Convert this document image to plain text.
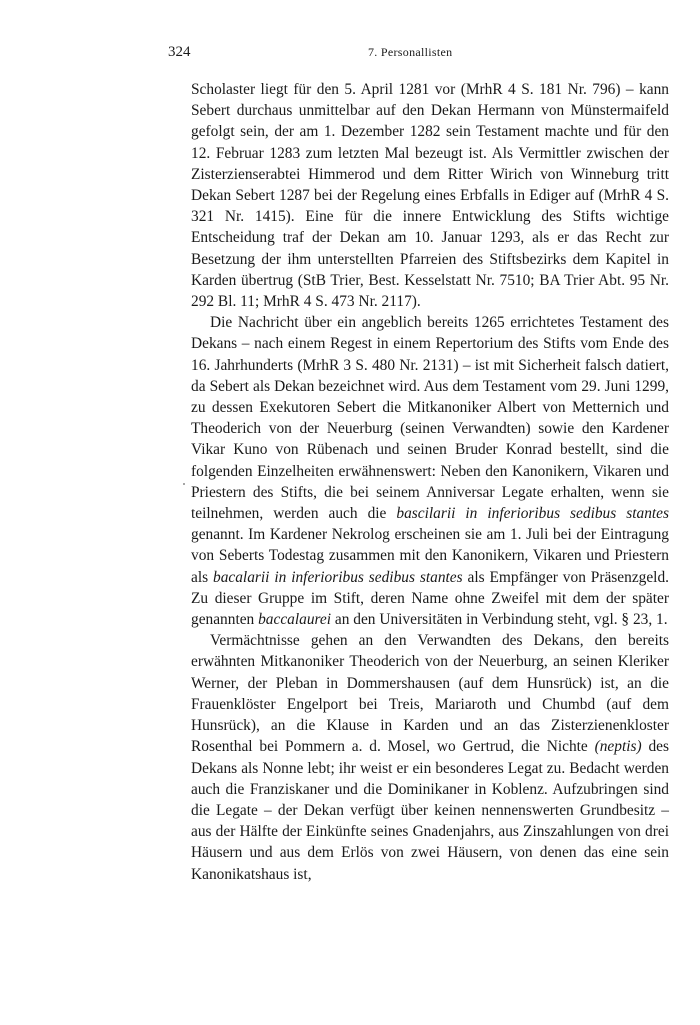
324	7. Personallisten

Scholaster liegt für den 5. April 1281 vor (MrhR 4 S. 181 Nr. 796) – kann Sebert durchaus unmittelbar auf den Dekan Hermann von Münstermaifeld gefolgt sein, der am 1. Dezember 1282 sein Testament machte und für den 12. Februar 1283 zum letzten Mal bezeugt ist. Als Vermittler zwischen der Zisterzienserabtei Himmerod und dem Ritter Wirich von Winneburg tritt Dekan Sebert 1287 bei der Regelung eines Erbfalls in Ediger auf (MrhR 4 S. 321 Nr. 1415). Eine für die innere Entwicklung des Stifts wichtige Entscheidung traf der Dekan am 10. Januar 1293, als er das Recht zur Besetzung der ihm unterstellten Pfarreien des Stiftsbezirks dem Kapitel in Karden übertrug (StB Trier, Best. Kesselstatt Nr. 7510; BA Trier Abt. 95 Nr. 292 Bl. 11; MrhR 4 S. 473 Nr. 2117).

Die Nachricht über ein angeblich bereits 1265 errichtetes Testament des Dekans – nach einem Regest in einem Repertorium des Stifts vom Ende des 16. Jahrhunderts (MrhR 3 S. 480 Nr. 2131) – ist mit Sicherheit falsch datiert, da Sebert als Dekan bezeichnet wird. Aus dem Testament vom 29. Juni 1299, zu dessen Exekutoren Sebert die Mitkanoniker Albert von Metternich und Theoderich von der Neuerburg (seinen Verwandten) sowie den Kardener Vikar Kuno von Rübenach und seinen Bruder Konrad bestellt, sind die folgenden Einzelheiten erwähnenswert: Neben den Kanonikern, Vikaren und Priestern des Stifts, die bei seinem Anniversar Legate erhalten, wenn sie teilnehmen, werden auch die bascilarii in inferioribus sedibus stantes genannt. Im Kardener Nekrolog erscheinen sie am 1. Juli bei der Eintragung von Seberts Todestag zusammen mit den Kanonikern, Vikaren und Priestern als bacalarii in inferioribus sedibus stantes als Empfänger von Präsenzgeld. Zu dieser Gruppe im Stift, deren Name ohne Zweifel mit dem der später genannten baccalaurei an den Universitäten in Verbindung steht, vgl. § 23, 1.

Vermächtnisse gehen an den Verwandten des Dekans, den bereits erwähnten Mitkanoniker Theoderich von der Neuerburg, an seinen Kleriker Werner, der Pleban in Dommershausen (auf dem Hunsrück) ist, an die Frauenklöster Engelport bei Treis, Mariaroth und Chumbd (auf dem Hunsrück), an die Klause in Karden und an das Zisterzienenkloster Rosenthal bei Pommern a. d. Mosel, wo Gertrud, die Nichte (neptis) des Dekans als Nonne lebt; ihr weist er ein besonderes Legat zu. Bedacht werden auch die Franziskaner und die Dominikaner in Koblenz. Aufzubringen sind die Legate – der Dekan verfügt über keinen nennenswerten Grundbesitz – aus der Hälfte der Einkünfte seines Gnadenjahrs, aus Zinszahlungen von drei Häusern und aus dem Erlös von zwei Häusern, von denen das eine sein Kanonikatshaus ist,
